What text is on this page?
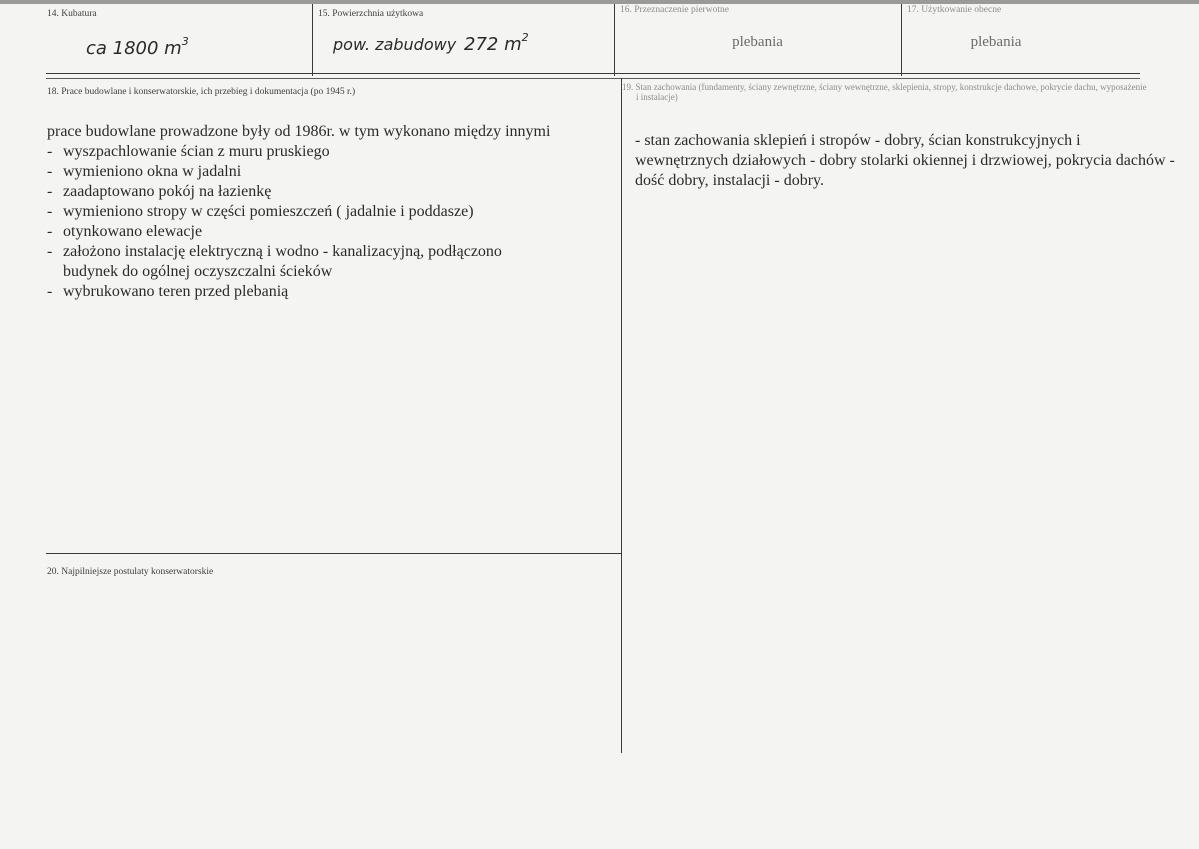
14. Kubatura
ca 1800 $m^3$
15. Powierzchnia użytkowa
pow. zabudowy 272 $m^2$
16. Przeznaczenie pierwotne
plebania
17. Użytkowanie obecne
plebania
18. Prace budowlane i konserwatorskie, ich przebieg i dokumentacja (po 1945 r.)

prace budowlane prowadzone były od 1986r. w tym wykonano między innymi

- wyszpachlowanie ścian z muru pruskiego
- wymieniono okna w jadalni
- zaadaptowano pokój na łazienkę
- wymieniono stropy w części pomieszczeń ( jadalnie i poddasze)
- otynkowano elewacje
- założono instalację elektryczną i wodno - kanalizacyjną, podłączono budynek do ogólnej oczyszczalni ścieków
- wybrukowano teren przed plebanią
19. Stan zachowania (fundamenty, ściany zewnętrzne, ściany wewnętrzne, sklepienia, stropy, konstrukcje dachowe, pokrycie dachu, wyposażenie i instalacje)

- stan zachowania sklepień i stropów - dobry, ścian konstrukcyjnych i wewnętrznych działowych - dobry stolarki okiennej i drzwiowej, pokrycia dachów - dość dobry, instalacji - dobry.

20. Najpilniejsze postulaty konserwatorskie
